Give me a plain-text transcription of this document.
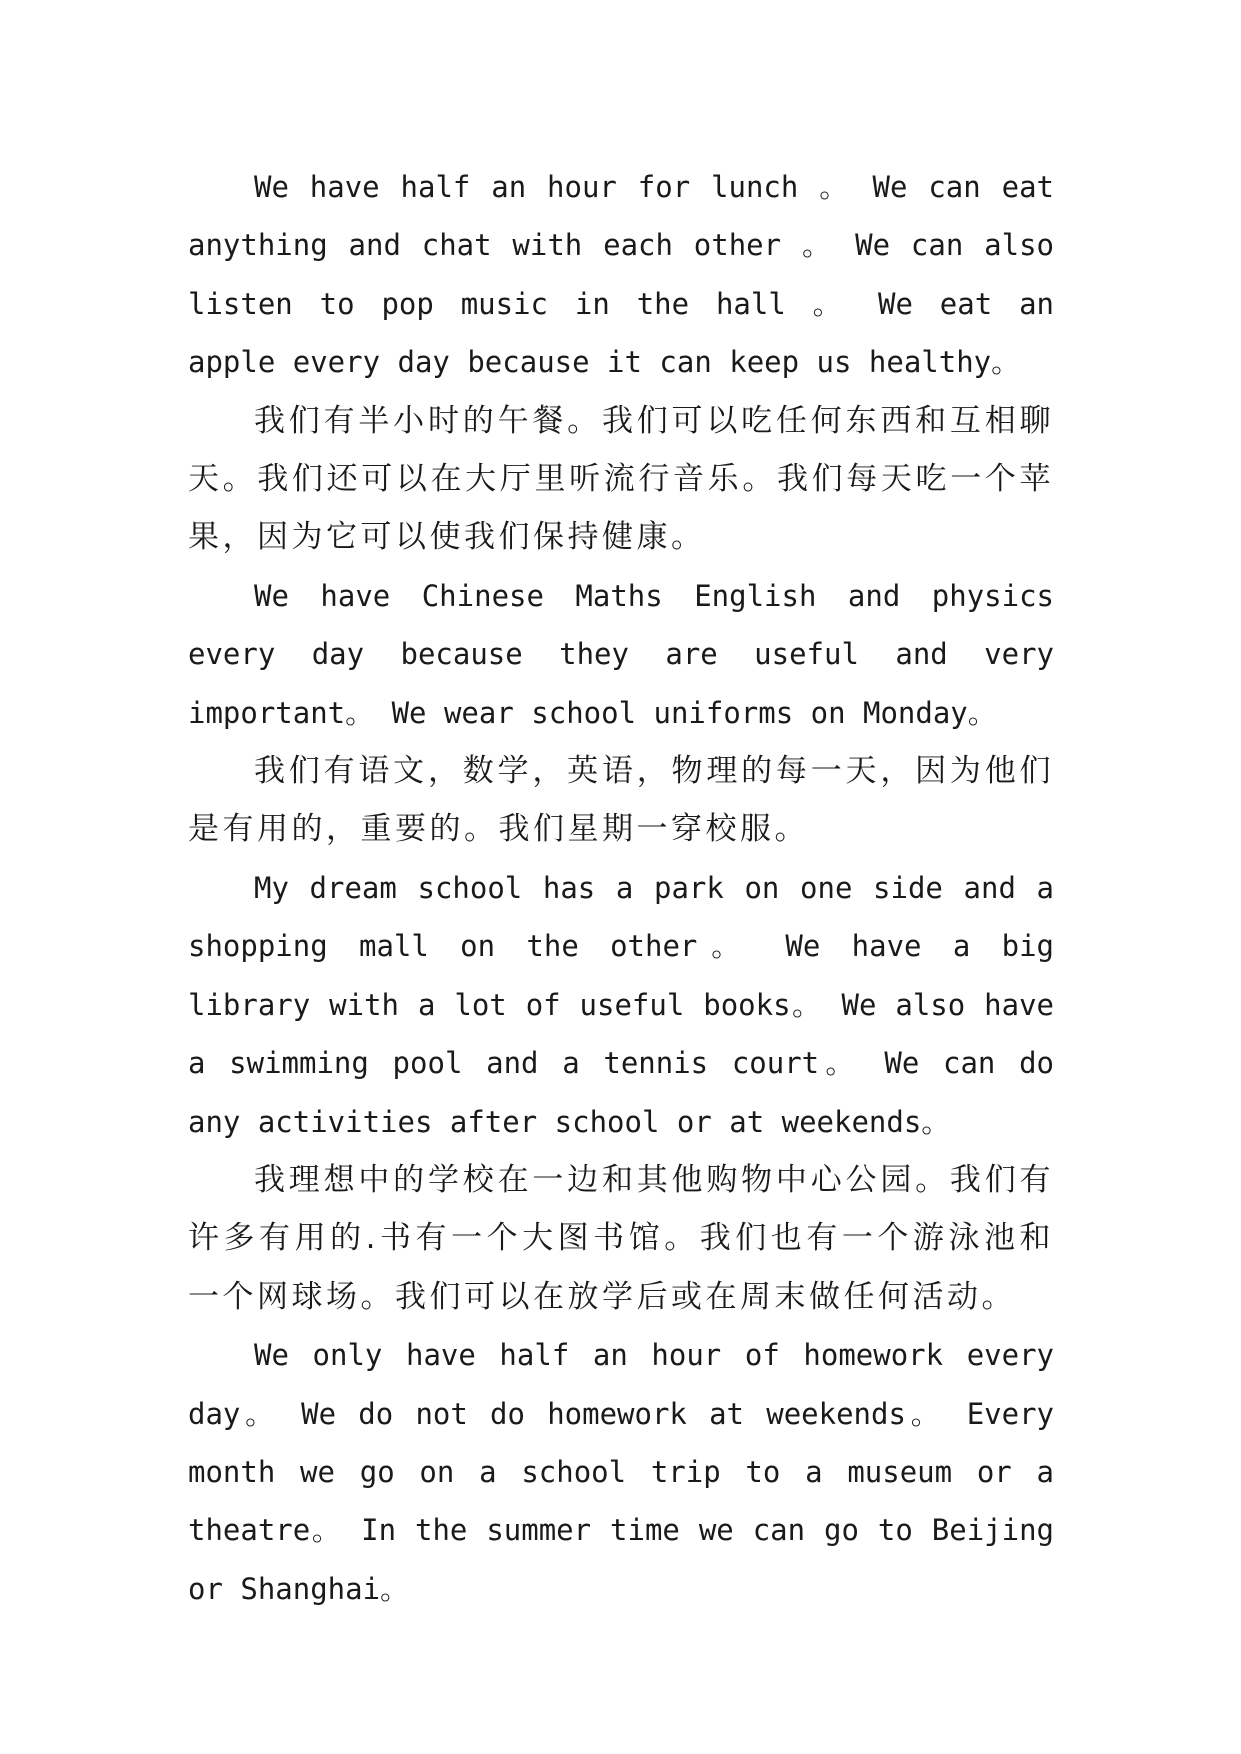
We have half an hour for lunch 。 We can eat anything and chat with each other 。 We can also listen to pop music in the hall 。 We eat an apple every day because it can keep us healthy。

我们有半小时的午餐。我们可以吃任何东西和互相聊天。我们还可以在大厅里听流行音乐。我们每天吃一个苹果，因为它可以使我们保持健康。

We have Chinese Maths English and physics every day because they are useful and very important。 We wear school uniforms on Monday。

我们有语文，数学，英语，物理的每一天，因为他们是有用的，重要的。我们星期一穿校服。

My dream school has a park on one side and a shopping mall on the other。 We have a big library with a lot of useful books。 We also have a swimming pool and a tennis court。 We can do any activities after school or at weekends。

我理想中的学校在一边和其他购物中心公园。我们有许多有用的.书有一个大图书馆。我们也有一个游泳池和一个网球场。我们可以在放学后或在周末做任何活动。

We only have half an hour of homework every day。 We do not do homework at weekends。 Every month we go on a school trip to a museum or a theatre。 In the summer time we can go to Beijing or Shanghai。
